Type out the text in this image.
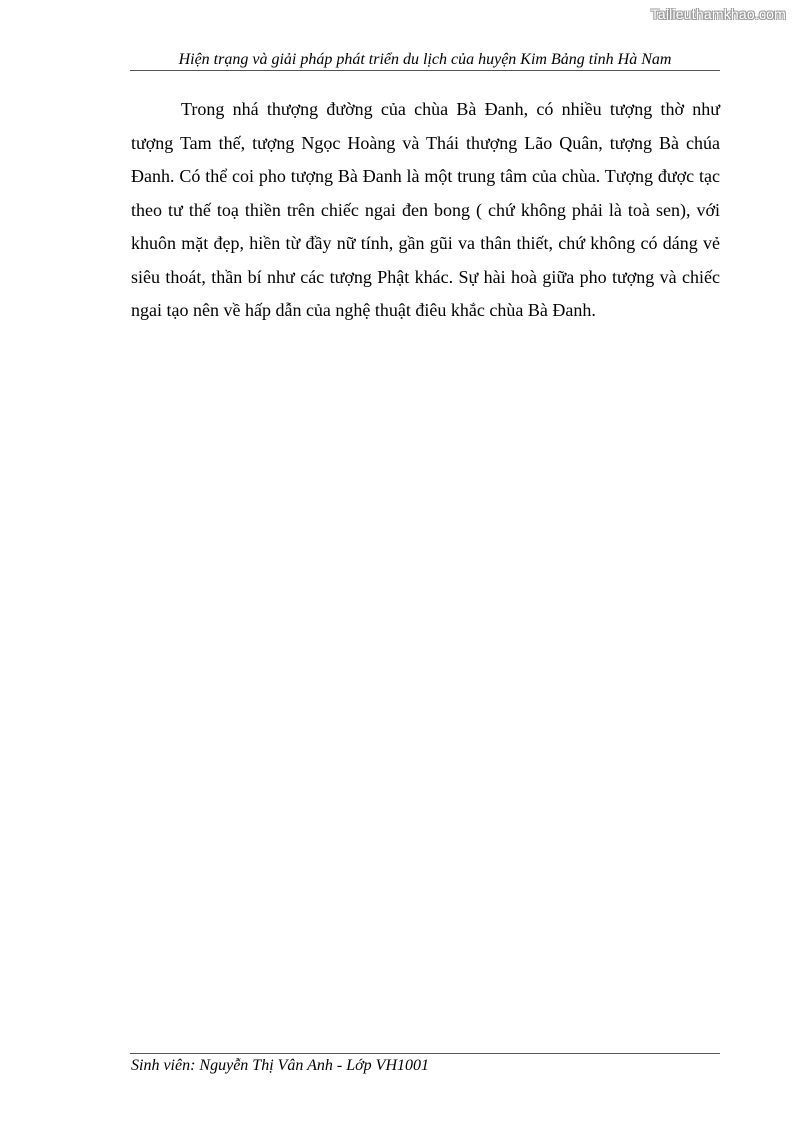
Tailieuthamkhao.com
Hiện trạng và giải pháp phát triển du lịch của huyện Kim Bảng tỉnh Hà Nam

Trong nhá thượng đường của chùa Bà Đanh, có nhiều tượng thờ như tượng Tam thế, tượng Ngọc Hoàng và Thái thượng Lão Quân, tượng Bà chúa Đanh. Có thể coi pho tượng Bà Đanh là một trung tâm của chùa. Tượng được tạc theo tư thế toạ thiền trên chiếc ngai đen bong ( chứ không phải là toà sen), với khuôn mặt đẹp, hiền từ đầy nữ tính, gần gũi va thân thiết, chứ không có dáng vẻ siêu thoát, thần bí như các tượng Phật khác. Sự hài hoà giữa pho tượng và chiếc ngai tạo nên về hấp dẫn của nghệ thuật điêu khắc chùa Bà Đanh.

Sinh viên: Nguyễn Thị Vân Anh - Lớp VH1001
